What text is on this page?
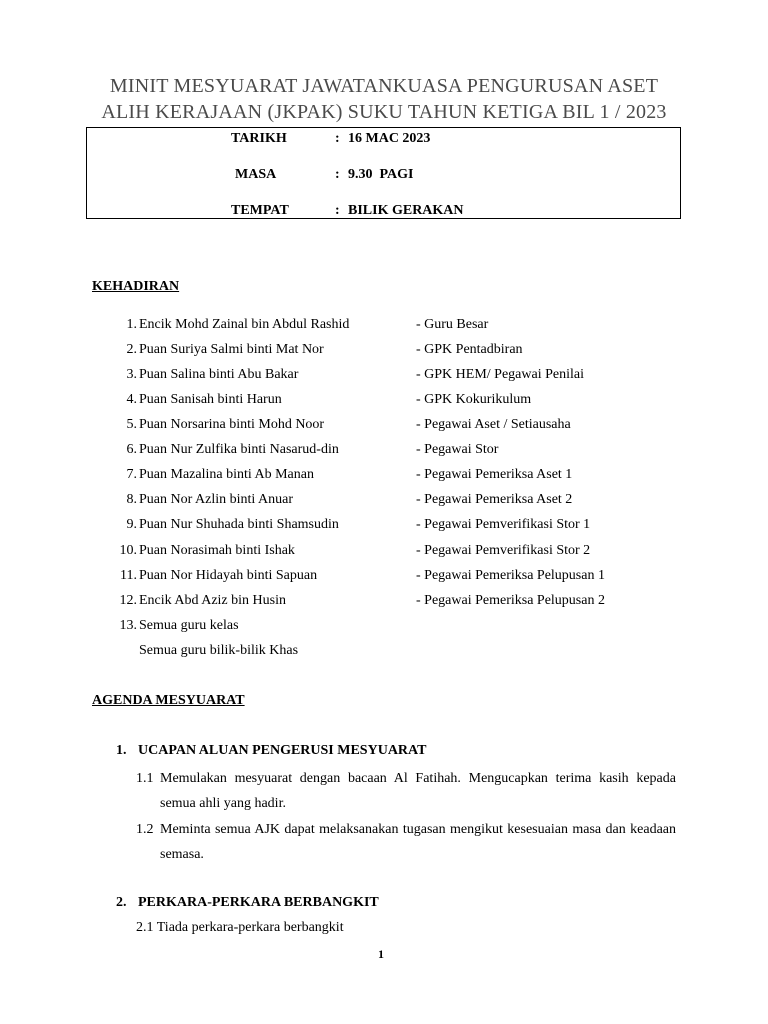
MINIT MESYUARAT JAWATANKUASA PENGURUSAN ASET
ALIH KERAJAAN (JKPAK) SUKU TAHUN KETIGA BIL 1 / 2023
TARIKH	: 16 MAC 2023
MASA	: 9.30  PAGI
TEMPAT	: BILIK GERAKAN
KEHADIRAN
1. Encik Mohd Zainal bin Abdul Rashid	- Guru Besar
2. Puan Suriya Salmi binti Mat Nor	- GPK Pentadbiran
3. Puan Salina binti Abu Bakar	- GPK HEM/ Pegawai Penilai
4. Puan Sanisah binti Harun	- GPK Kokurikulum
5. Puan Norsarina binti Mohd Noor	- Pegawai Aset / Setiausaha
6. Puan Nur Zulfika binti Nasarud-din	- Pegawai Stor
7. Puan Mazalina binti Ab Manan	- Pegawai Pemeriksa Aset 1
8. Puan Nor Azlin binti Anuar	- Pegawai Pemeriksa Aset 2
9. Puan Nur Shuhada binti Shamsudin	- Pegawai Pemverifikasi Stor 1
10. Puan Norasimah binti Ishak	- Pegawai Pemverifikasi Stor 2
11. Puan Nor Hidayah binti Sapuan	- Pegawai Pemeriksa Pelupusan 1
12. Encik Abd Aziz bin Husin	- Pegawai Pemeriksa Pelupusan 2
13. Semua guru kelas
Semua guru bilik-bilik Khas
AGENDA MESYUARAT
1. UCAPAN ALUAN PENGERUSI MESYUARAT
1.1 Memulakan mesyuarat dengan bacaan Al Fatihah. Mengucapkan terima kasih kepada semua ahli yang hadir.
1.2 Meminta semua AJK dapat melaksanakan tugasan mengikut kesesuaian masa dan keadaan semasa.
2. PERKARA-PERKARA BERBANGKIT
2.1 Tiada perkara-perkara berbangkit
1
